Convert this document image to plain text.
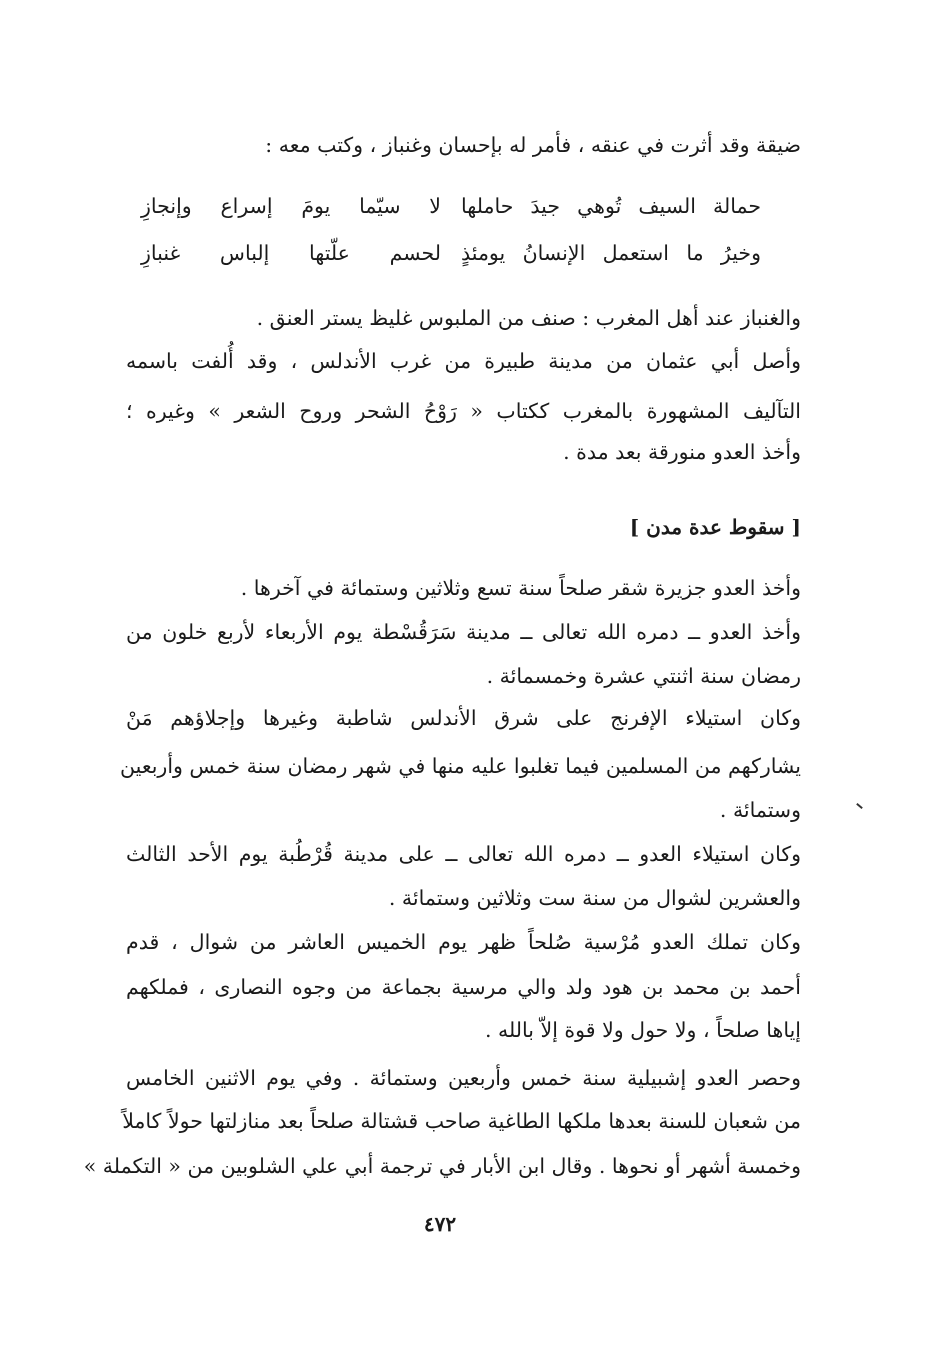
ضيقة وقد أثرت في عنقه ، فأمر له بإحسان وغنباز ، وكتب معه :
حمالة السيف تُوهي جيدَ حاملها
لا سيّما يومَ إسراع وإنجازِ
وخيرُ ما استعمل الإنسانُ يومئذٍ
لحسم علّتها إلباس غنبازِ
والغنباز عند أهل المغرب : صنف من الملبوس غليظ يستر العنق .
وأصل أبي عثمان من مدينة طبيرة من غرب الأندلس ، وقد أُلفت باسمه
التآليف المشهورة بالمغرب ككتاب « رَوْحُ الشحر وروح الشعر » وغيره ؛
وأخذ العدو منورقة بعد مدة .
[ سقوط عدة مدن ]
وأخذ العدو جزيرة شقر صلحاً سنة تسع وثلاثين وستمائة في آخرها .
وأخذ العدو ــ دمره الله تعالى ــ مدينة سَرَقُسْطة يوم الأربعاء لأربع خلون من
رمضان سنة اثنتي عشرة وخمسمائة .
وكان استيلاء الإفرنج على شرق الأندلس شاطبة وغيرها وإجلاؤهم مَنْ
يشاركهم من المسلمين فيما تغلبوا عليه منها في شهر رمضان سنة خمس وأربعين
وستمائة .
وكان استيلاء العدو ــ دمره الله تعالى ــ على مدينة قُرْطُبة يوم الأحد الثالث
والعشرين لشوال من سنة ست وثلاثين وستمائة .
وكان تملك العدو مُرْسية صُلحاً ظهر يوم الخميس العاشر من شوال ، قدم
أحمد بن محمد بن هود ولد والي مرسية بجماعة من وجوه النصارى ، فملكهم
إياها صلحاً ، ولا حول ولا قوة إلاّ بالله .
وحصر العدو إشبيلية سنة خمس وأربعين وستمائة . وفي يوم الاثنين الخامس
من شعبان للسنة بعدها ملكها الطاغية صاحب قشتالة صلحاً بعد منازلتها حولاً كاملاً
وخمسة أشهر أو نحوها . وقال ابن الأبار في ترجمة أبي علي الشلوبين من « التكملة »
٤٧٢
